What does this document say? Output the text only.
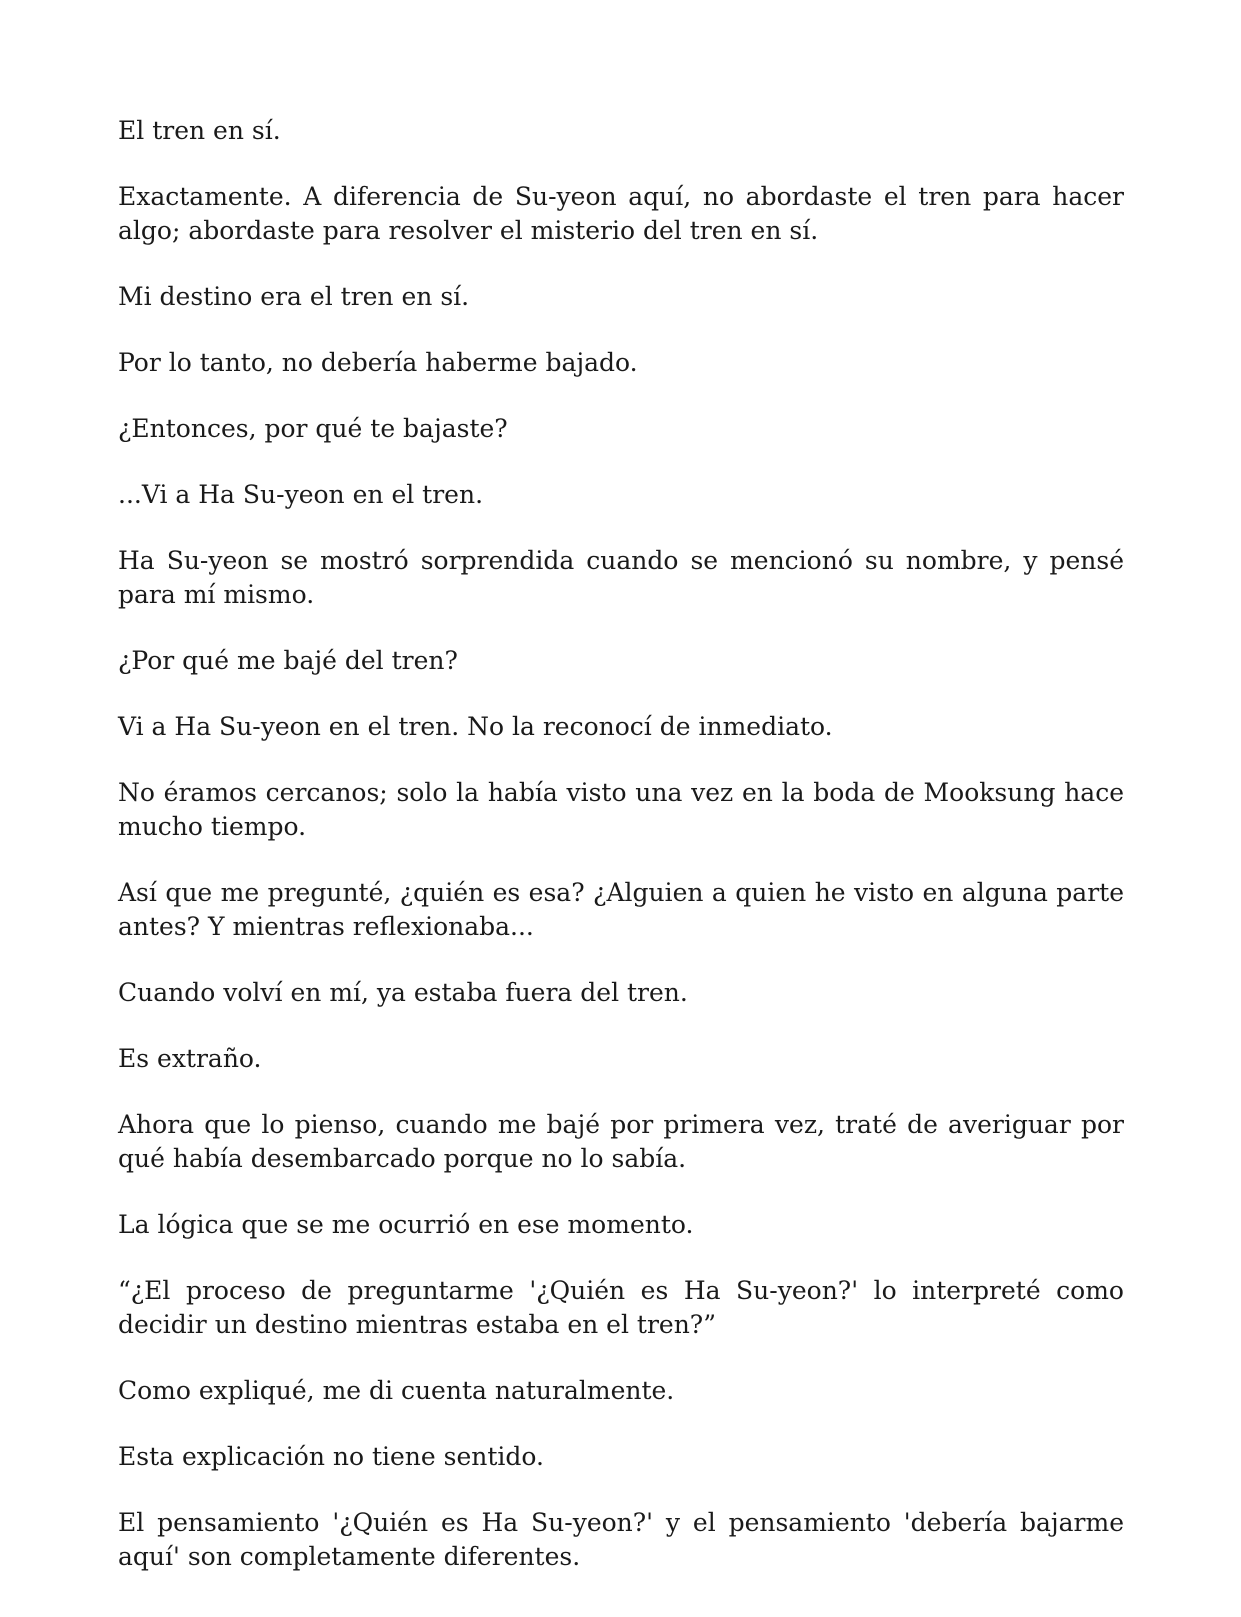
El tren en sí.

Exactamente. A diferencia de Su-yeon aquí, no abordaste el tren para hacer algo; abordaste para resolver el misterio del tren en sí.

Mi destino era el tren en sí.

Por lo tanto, no debería haberme bajado.

¿Entonces, por qué te bajaste?

...Vi a Ha Su-yeon en el tren.

Ha Su-yeon se mostró sorprendida cuando se mencionó su nombre, y pensé para mí mismo.

¿Por qué me bajé del tren?

Vi a Ha Su-yeon en el tren. No la reconocí de inmediato.

No éramos cercanos; solo la había visto una vez en la boda de Mooksung hace mucho tiempo.

Así que me pregunté, ¿quién es esa? ¿Alguien a quien he visto en alguna parte antes? Y mientras reflexionaba...

Cuando volví en mí, ya estaba fuera del tren.

Es extraño.

Ahora que lo pienso, cuando me bajé por primera vez, traté de averiguar por qué había desembarcado porque no lo sabía.

La lógica que se me ocurrió en ese momento.

“¿El proceso de preguntarme '¿Quién es Ha Su-yeon?' lo interpreté como decidir un destino mientras estaba en el tren?”

Como expliqué, me di cuenta naturalmente.

Esta explicación no tiene sentido.

El pensamiento '¿Quién es Ha Su-yeon?' y el pensamiento 'debería bajarme aquí' son completamente diferentes.
